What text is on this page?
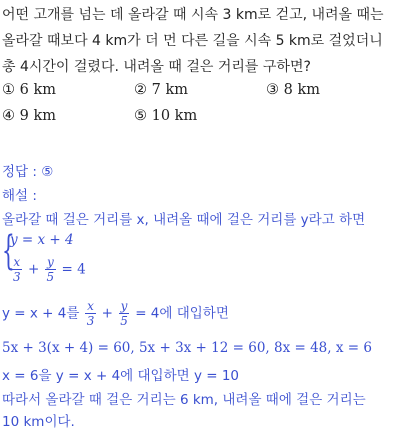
어떤 고개를 넘는 데 올라갈 때 시속 3 km로 걷고, 내려올 때는
올라갈 때보다 4 km가 더 먼 다른 길을 시속 5 km로 걸었더니
총 4시간이 걸렸다. 내려올 때 걸은 거리를 구하면?
① 6 km	② 7 km	③ 8 km
④ 9 km	⑤ 10 km
정답 : ⑤
해설 :
올라갈 때 걸은 거리를 x, 내려올 때에 걸은 거리를 y라고 하면
{
y = x + 4
$\frac{x}{3} + \frac{y}{5} = 4$
y = x + 4를 $\frac{x}{3} + \frac{y}{5} = 4$에 대입하면
5x + 3(x + 4) = 60, 5x + 3x + 12 = 60, 8x = 48, x = 6
x = 6을 y = x + 4에 대입하면 y = 10
따라서 올라갈 때 걸은 거리는 6 km, 내려올 때에 걸은 거리는
10 km이다.
